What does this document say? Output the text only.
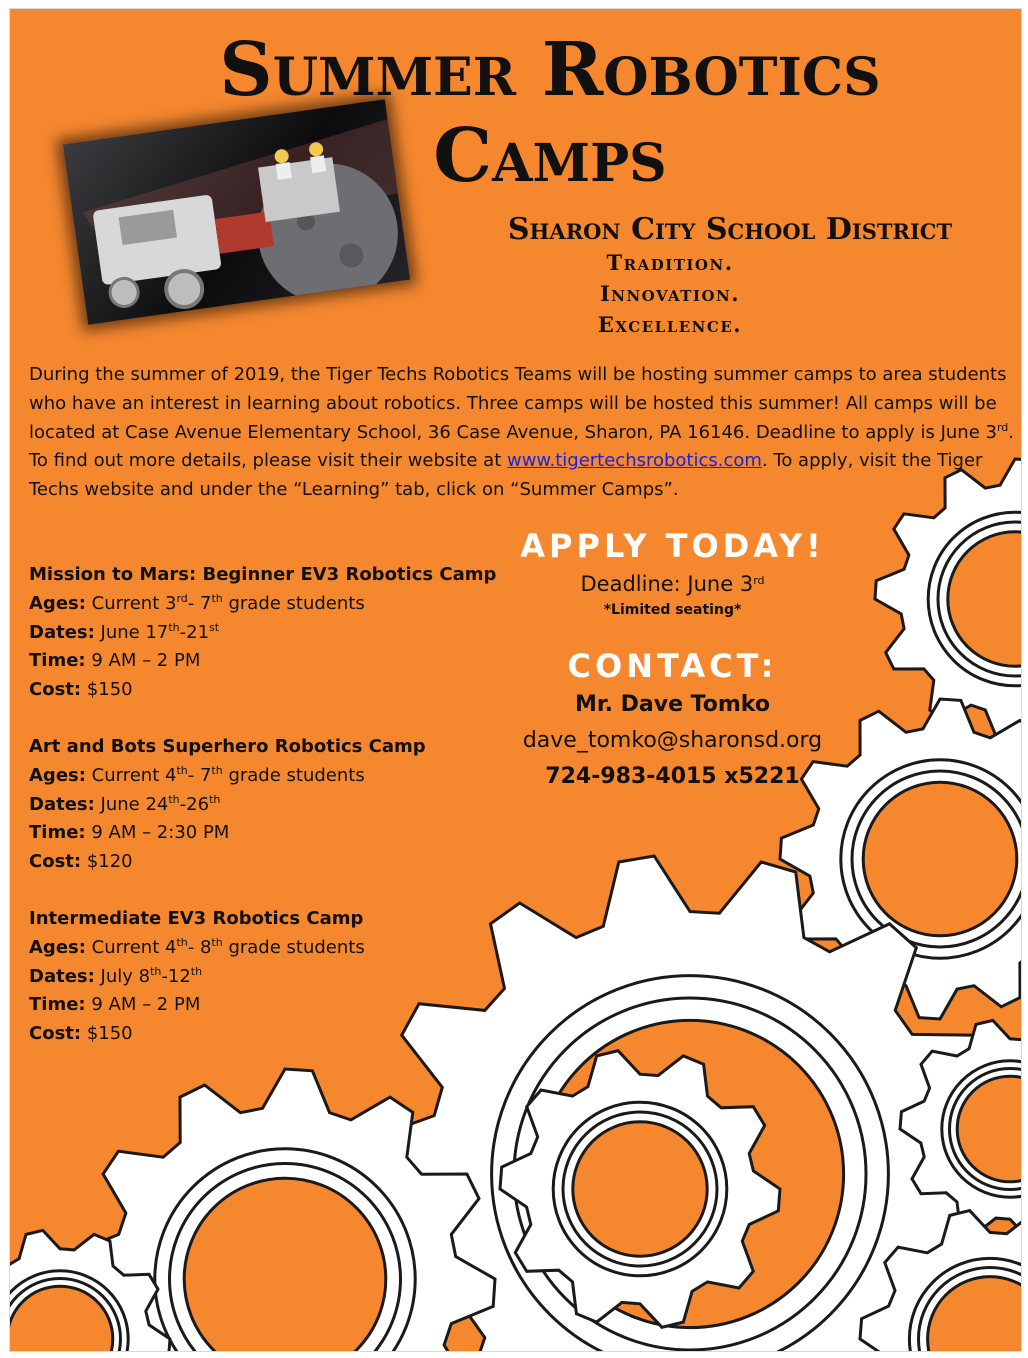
Summer Robotics
Camps
Sharon City School District

Tradition.

Innovation.

Excellence.

During the summer of 2019, the Tiger Techs Robotics Teams will be hosting summer camps to area students who have an interest in learning about robotics. Three camps will be hosted this summer! All camps will be located at Case Avenue Elementary School, 36 Case Avenue, Sharon, PA 16146. Deadline to apply is June 3rd. To find out more details, please visit their website at www.tigertechsrobotics.com. To apply, visit the Tiger Techs website and under the “Learning” tab, click on “Summer Camps”.

Mission to Mars: Beginner EV3 Robotics Camp
Ages: Current 3rd- 7th grade students
Dates: June 17th-21st
Time: 9 AM – 2 PM
Cost: $150
Art and Bots Superhero Robotics Camp
Ages: Current 4th- 7th grade students
Dates: June 24th-26th
Time: 9 AM – 2:30 PM
Cost: $120
Intermediate EV3 Robotics Camp
Ages: Current 4th- 8th grade students
Dates: July 8th-12th
Time: 9 AM – 2 PM
Cost: $150
APPLY TODAY!
Deadline: June 3rd
*Limited seating*
CONTACT:
Mr. Dave Tomko
dave_tomko@sharonsd.org
724-983-4015 x5221
